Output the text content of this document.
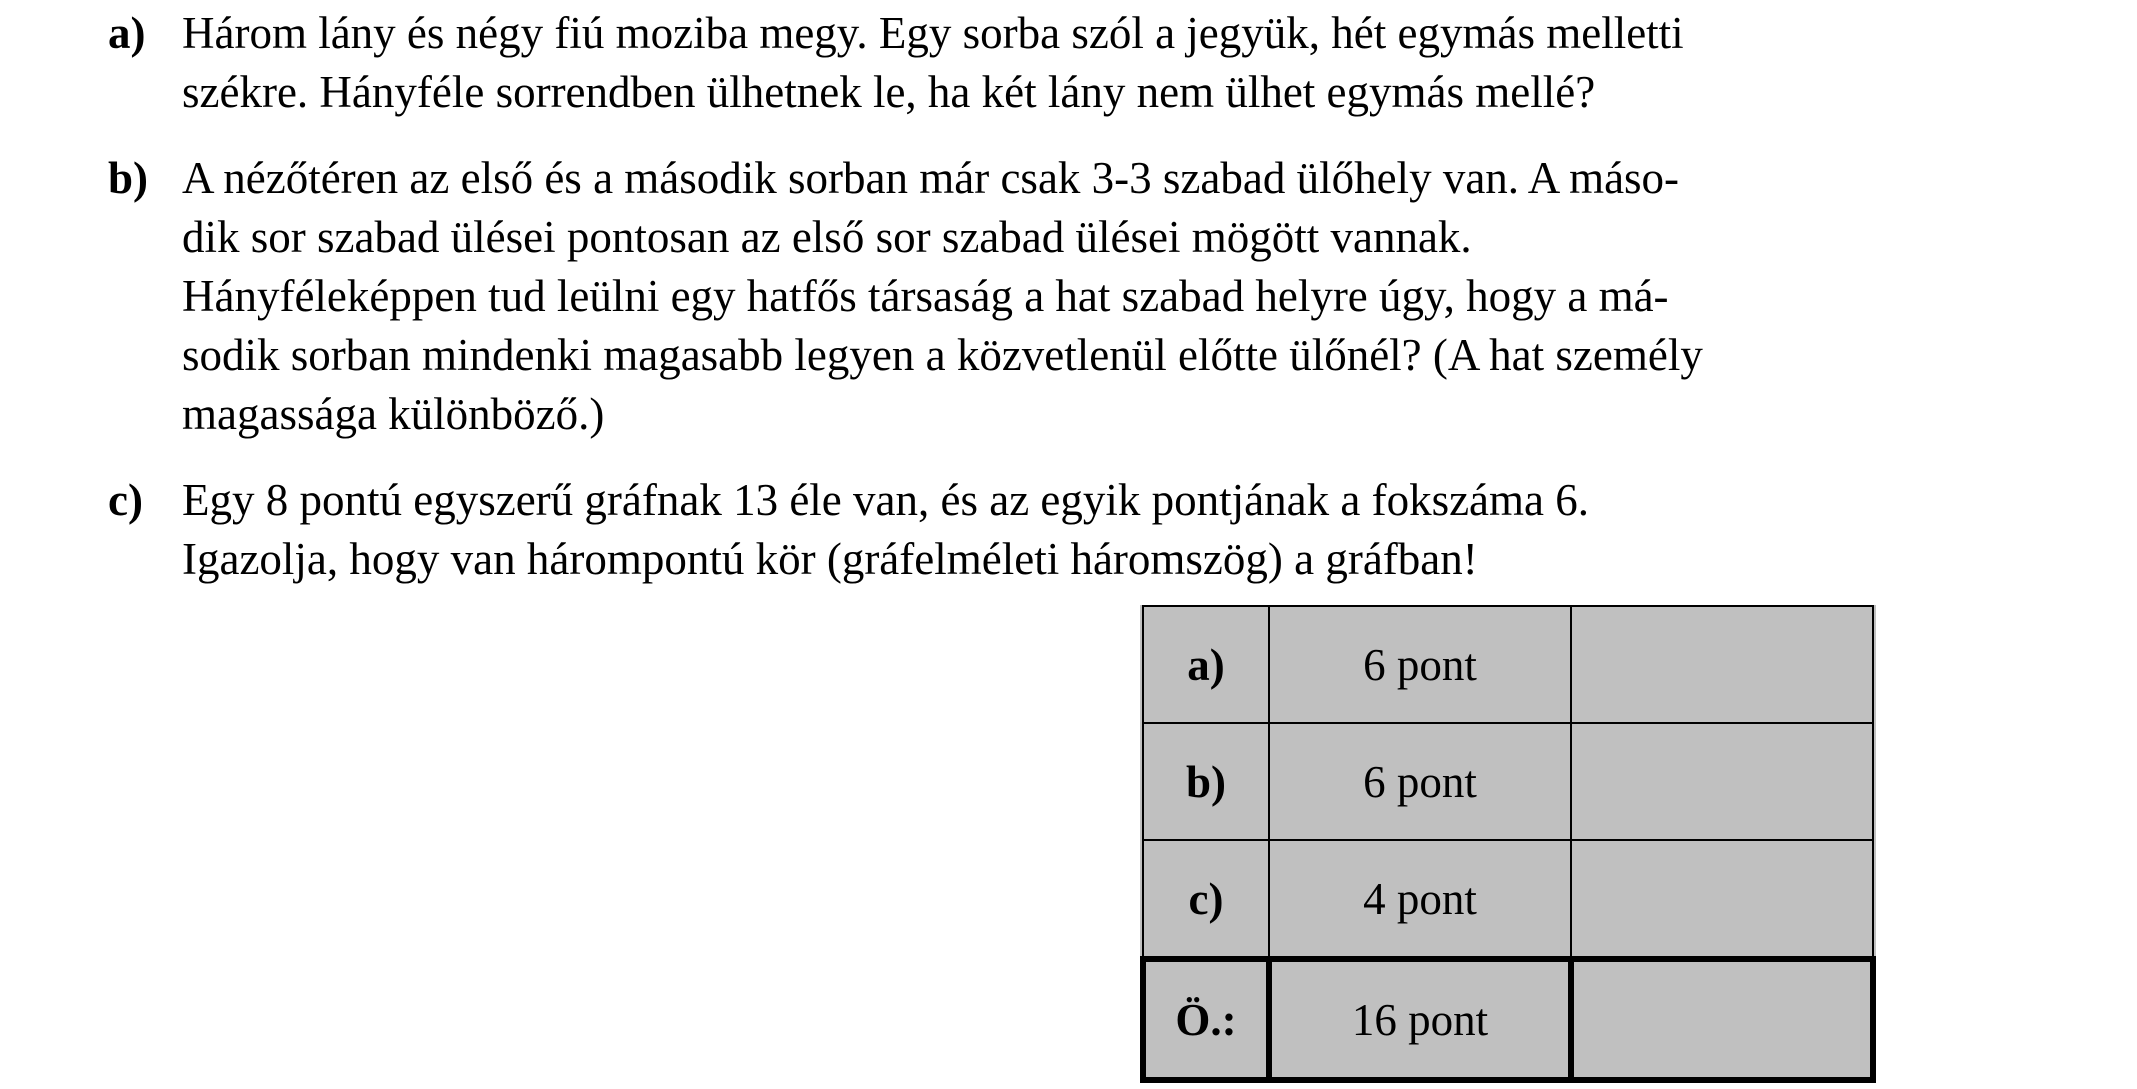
a) Három lány és négy fiú moziba megy. Egy sorba szól a jegyük, hét egymás melletti

székre. Hányféle sorrendben ülhetnek le, ha két lány nem ülhet egymás mellé?

b) A nézőtéren az első és a második sorban már csak 3-3 szabad ülőhely van. A máso-

dik sor szabad ülései pontosan az első sor szabad ülései mögött vannak.

Hányféleképpen tud leülni egy hatfős társaság a hat szabad helyre úgy, hogy a má-

sodik sorban mindenki magasabb legyen a közvetlenül előtte ülőnél? (A hat személy

magassága különböző.)

c) Egy 8 pontú egyszerű gráfnak 13 éle van, és az egyik pontjának a fokszáma 6.

Igazolja, hogy van hárompontú kör (gráfelméleti háromszög) a gráfban!

a)	6 pont	
b)	6 pont	
c)	4 pont	
Ö.:	16 pont	
